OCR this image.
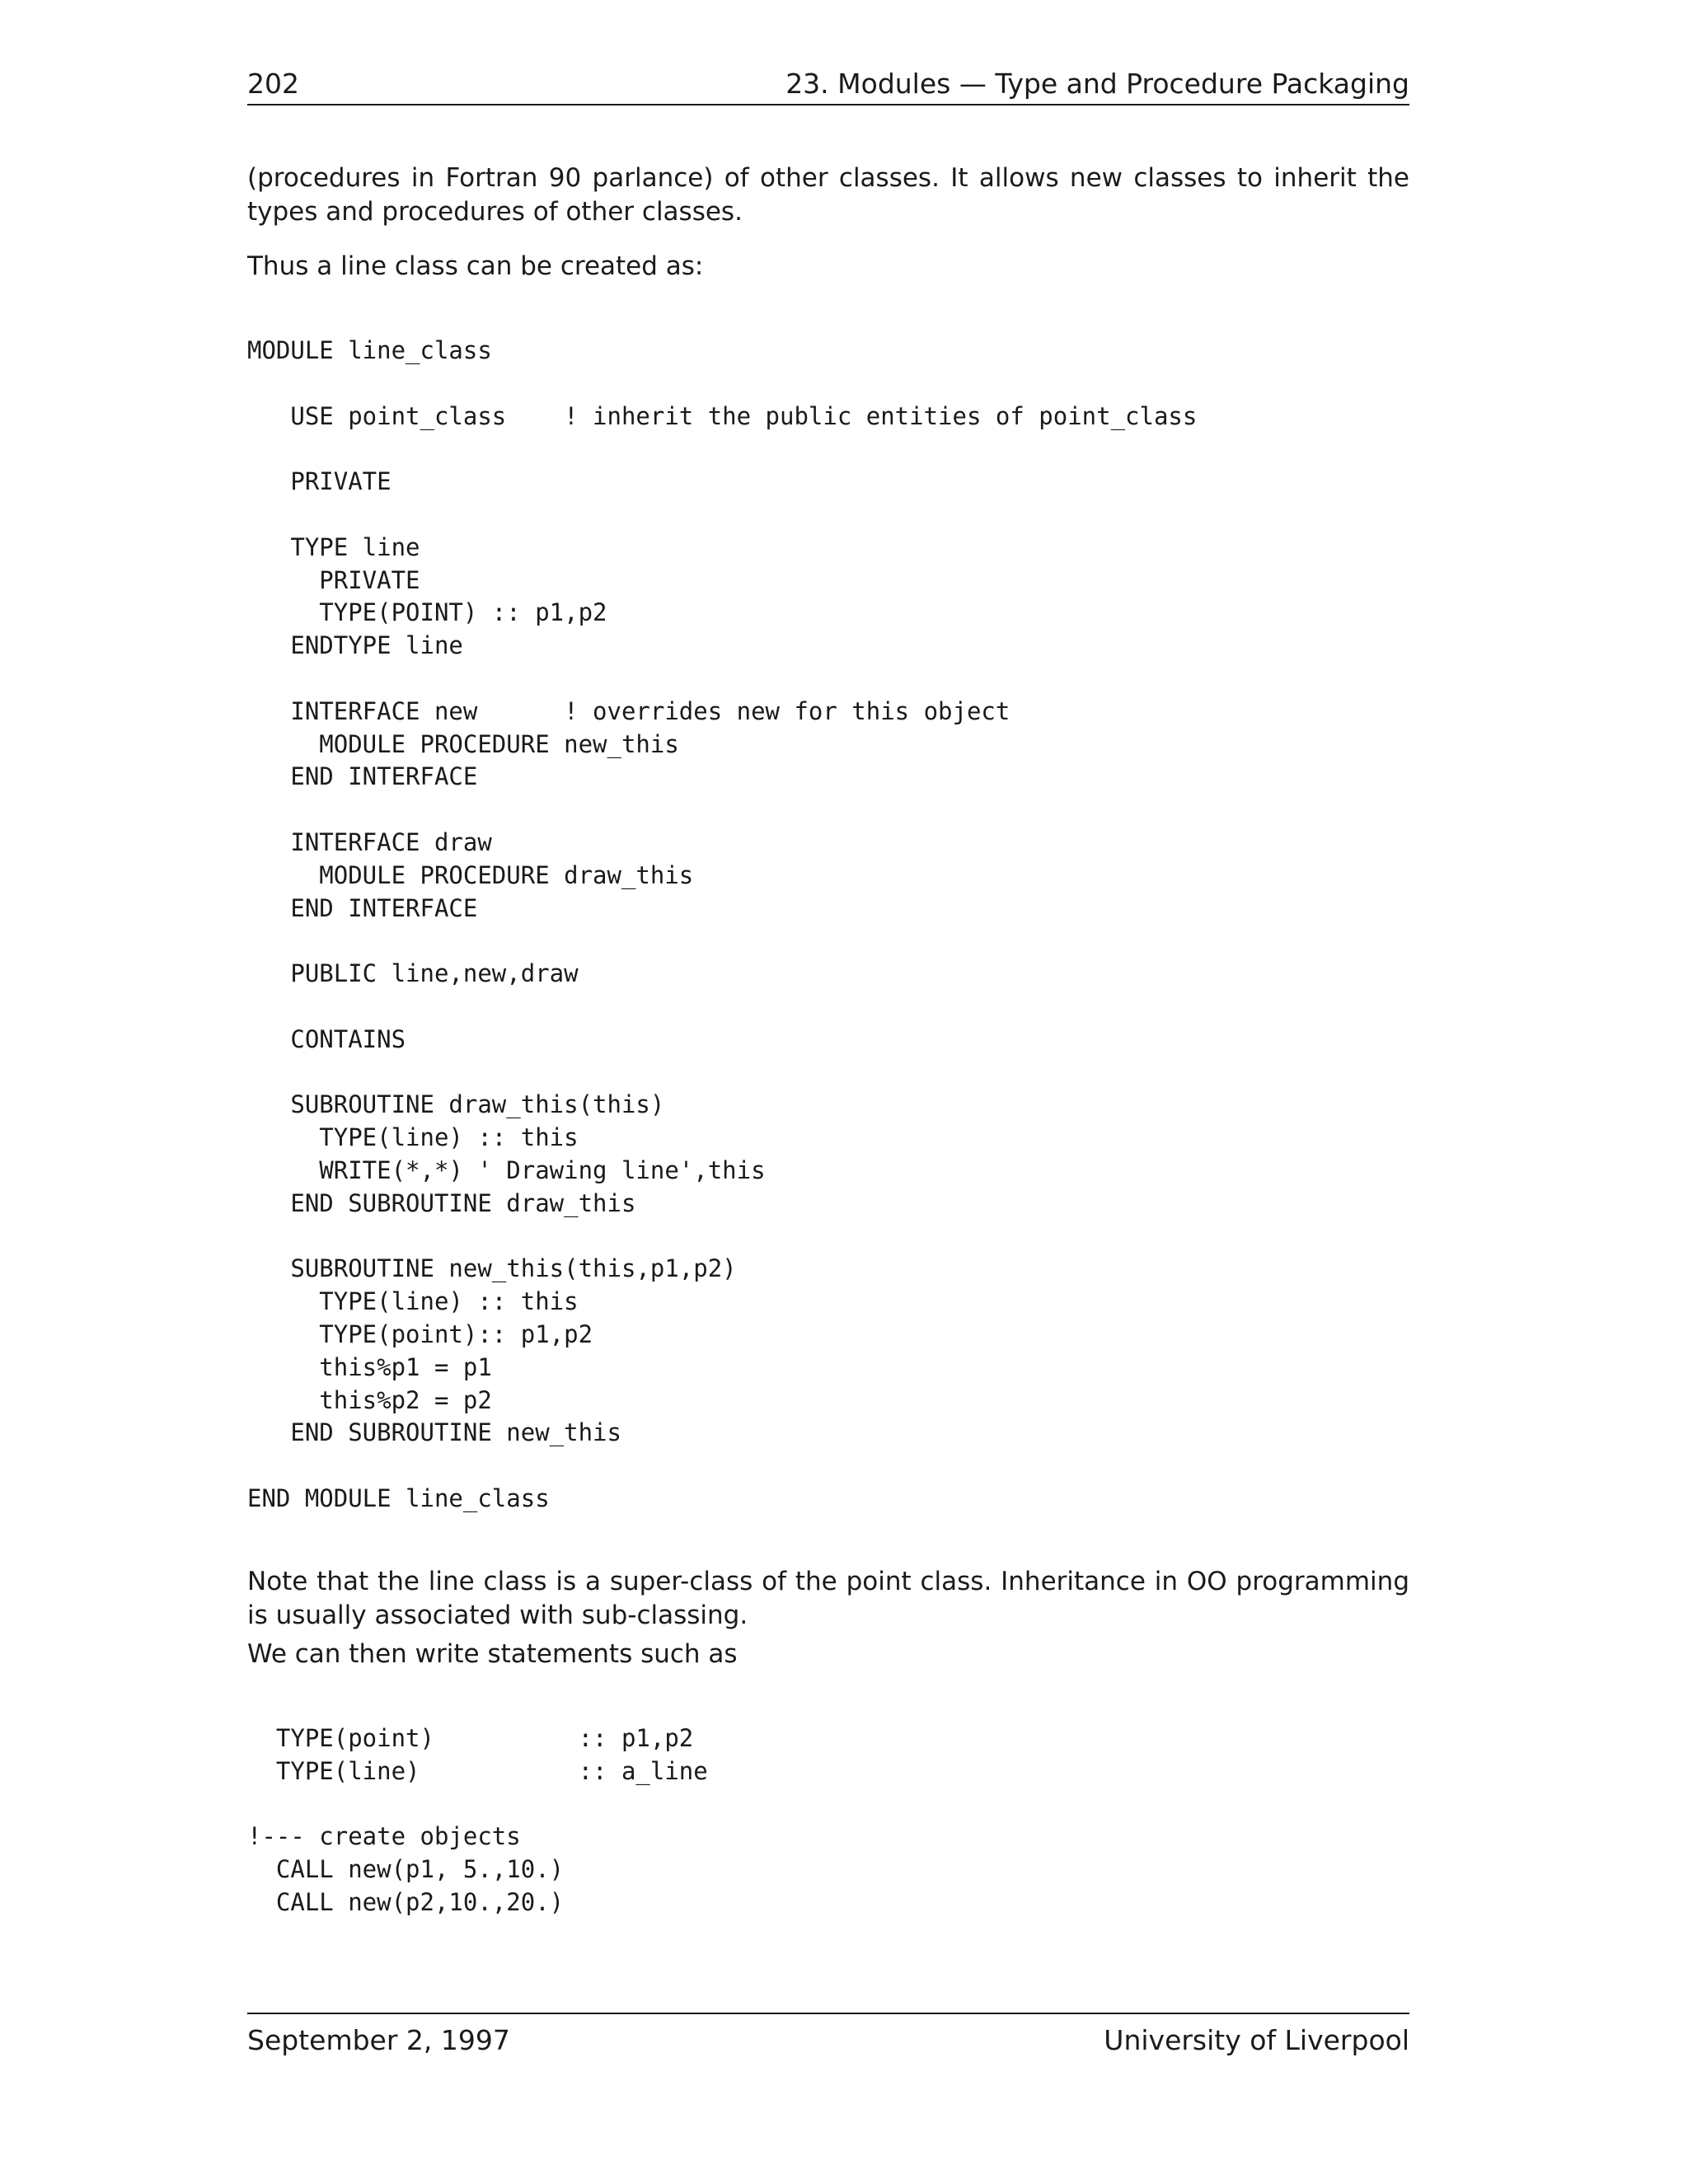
202	23. Modules — Type and Procedure Packaging

(procedures in Fortran 90 parlance) of other classes. It allows new classes to inherit the types and procedures of other classes.

Thus a line class can be created as:

MODULE line_class
USE point_class    ! inherit the public entities of point_class
PRIVATE
TYPE line
PRIVATE
TYPE(POINT) :: p1,p2
ENDTYPE line
INTERFACE new      ! overrides new for this object
MODULE PROCEDURE new_this
END INTERFACE
INTERFACE draw
MODULE PROCEDURE draw_this
END INTERFACE
PUBLIC line,new,draw
CONTAINS
SUBROUTINE draw_this(this)
TYPE(line) :: this
WRITE(*,*) ' Drawing line',this
END SUBROUTINE draw_this
SUBROUTINE new_this(this,p1,p2)
TYPE(line) :: this
TYPE(point):: p1,p2
this%p1 = p1
this%p2 = p2
END SUBROUTINE new_this
END MODULE line_class

Note that the line class is a super-class of the point class. Inheritance in OO programming is usually associated with sub-classing.

We can then write statements such as

TYPE(point)          :: p1,p2
TYPE(line)           :: a_line
!--- create objects
CALL new(p1, 5.,10.)
CALL new(p2,10.,20.)
September 2, 1997	University of Liverpool
